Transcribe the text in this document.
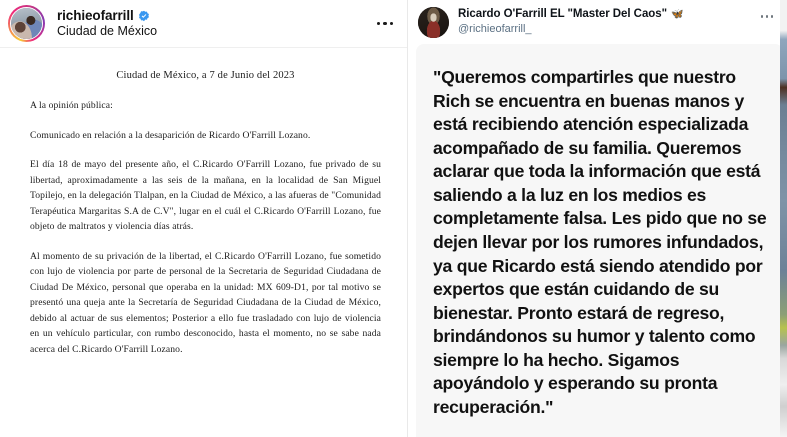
richieofarrill
Ciudad de México
Ciudad de México, a 7 de Junio del 2023

A la opinión pública:

Comunicado en relación a la desaparición de Ricardo O'Farrill Lozano.

El día 18 de mayo del presente año, el C.Ricardo O'Farrill Lozano, fue privado de su libertad, aproximadamente a las seis de la mañana, en la localidad de San Miguel Topilejo, en la delegación Tlalpan, en la Ciudad de México, a las afueras de "Comunidad Terapéutica Margaritas S.A de C.V", lugar en el cuál el C.Ricardo O'Farrill Lozano, fue objeto de maltratos y violencia días atrás.

Al momento de su privación de la libertad, el C.Ricardo O'Farrill Lozano, fue sometido con lujo de violencia por parte de personal de la Secretaria de Seguridad Ciudadana de Ciudad De México, personal que operaba en la unidad: MX 609-D1, por tal motivo se presentó una queja ante la Secretaría de Seguridad Ciudadana de la Ciudad de México, debido al actuar de sus elementos; Posterior a ello fue trasladado con lujo de violencia en un vehículo particular, con rumbo desconocido, hasta el momento, no se sabe nada acerca del C.Ricardo O'Farrill Lozano.

Ricardo O'Farrill EL "Master Del Caos" 🦋
@richieofarrill_
"Queremos compartirles que nuestro Rich se encuentra en buenas manos y está recibiendo atención especializada acompañado de su familia. Queremos aclarar que toda la información que está saliendo a la luz en los medios es completamente falsa. Les pido que no se dejen llevar por los rumores infundados, ya que Ricardo está siendo atendido por expertos que están cuidando de su bienestar. Pronto estará de regreso, brindándonos su humor y talento como siempre lo ha hecho. Sigamos apoyándolo y esperando su pronta recuperación."
